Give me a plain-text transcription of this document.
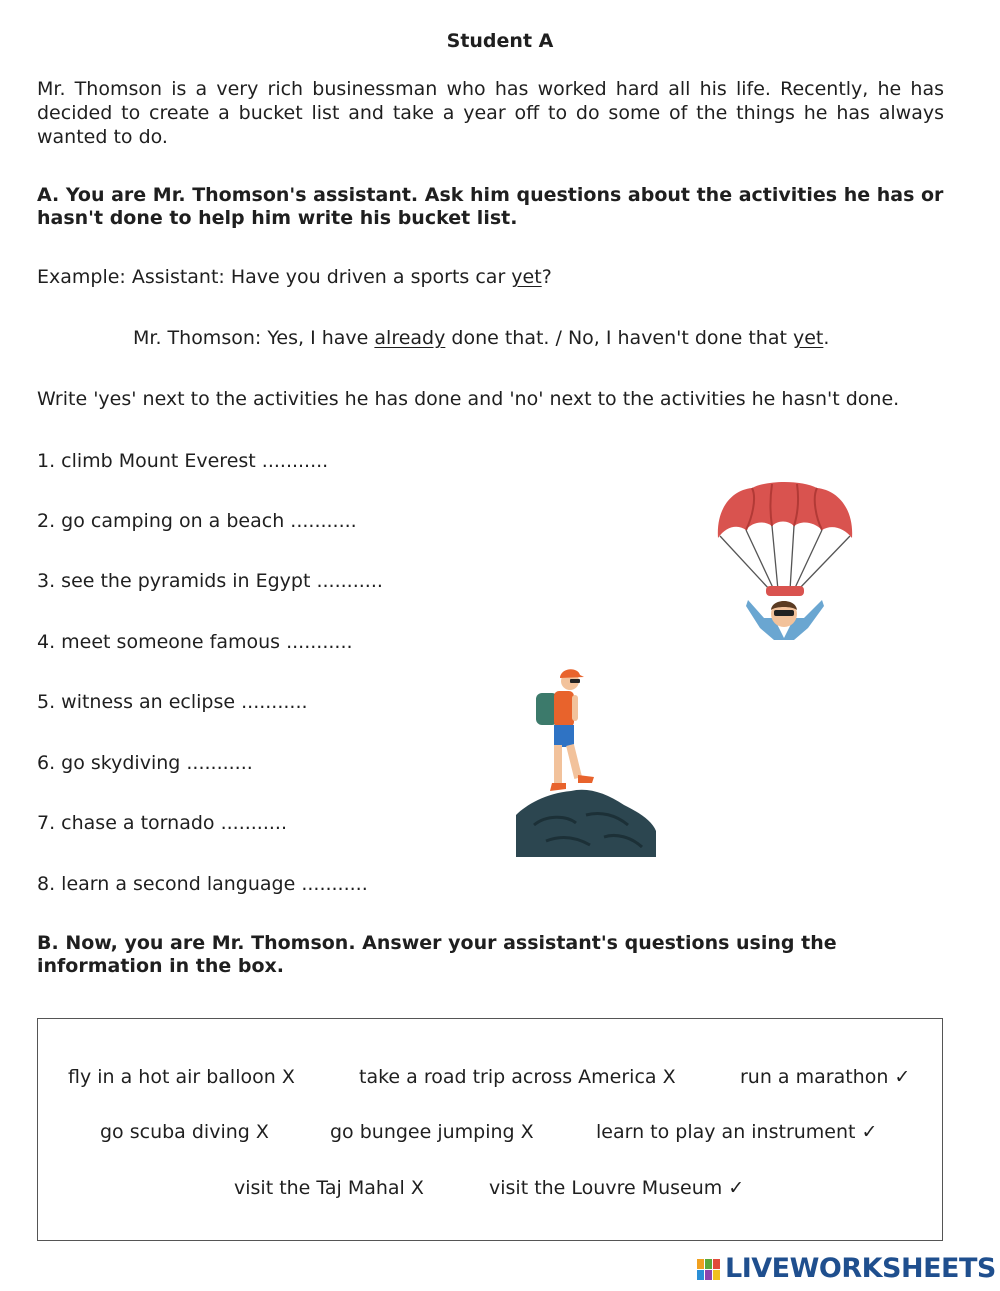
Student A
Mr. Thomson is a very rich businessman who has worked hard all his life. Recently, he has decided to create a bucket list and take a year off to do some of the things he has always wanted to do.
A. You are Mr. Thomson's assistant. Ask him questions about the activities he has or hasn't done to help him write his bucket list.
Example: Assistant: Have you driven a sports car yet?
Mr. Thomson: Yes, I have already done that. / No, I haven't done that yet.
Write 'yes' next to the activities he has done and 'no' next to the activities he hasn't done.
1. climb Mount Everest ...........
2. go camping on a beach ...........
3. see the pyramids in Egypt ...........
4. meet someone famous ...........
5. witness an eclipse ...........
6. go skydiving ...........
7. chase a tornado ...........
8. learn a second language ...........
B. Now, you are Mr. Thomson. Answer your assistant's questions using the information in the box.
fly in a hot air balloon X	take a road trip across America X	run a marathon ✓
go scuba diving X	go bungee jumping X	learn to play an instrument ✓
visit the Taj Mahal X	visit the Louvre Museum ✓
LIVEWORKSHEETS
